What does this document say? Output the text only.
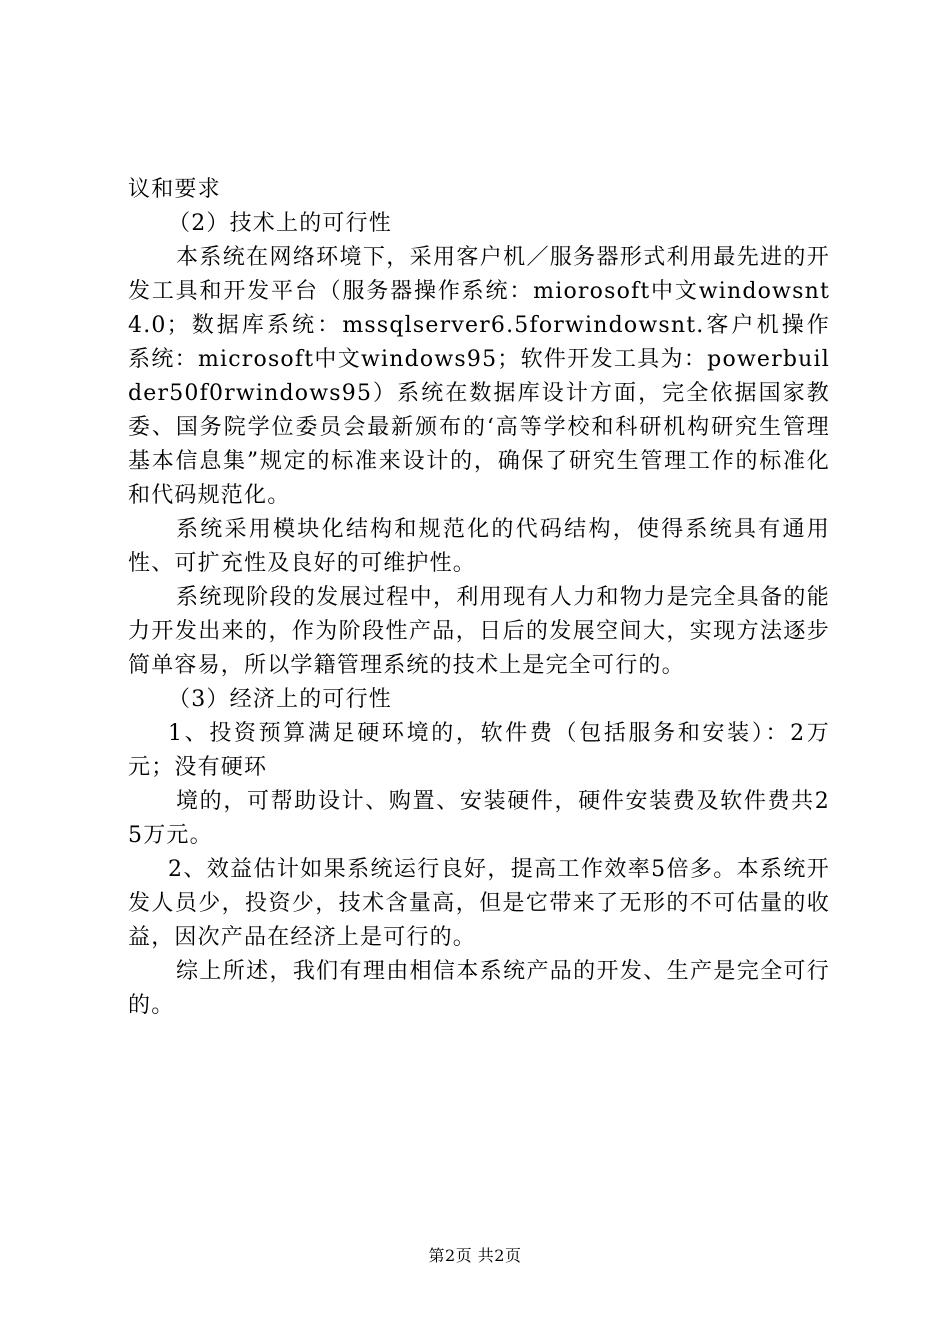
议和要求

（2）技术上的可行性

本系统在网络环境下，采用客户机／服务器形式利用最先进的开发工具和开发平台（服务器操作系统：miorosoft中文windowsnt4.0；数据库系统：mssqlserver6.5forwindowsnt.客户机操作系统：microsoft中文windows95；软件开发工具为：powerbuilder50f0rwindows95）系统在数据库设计方面，完全依据国家教委、国务院学位委员会最新颁布的‘高等学校和科研机构研究生管理基本信息集”规定的标准来设计的，确保了研究生管理工作的标准化和代码规范化。

系统采用模块化结构和规范化的代码结构，使得系统具有通用性、可扩充性及良好的可维护性。

系统现阶段的发展过程中，利用现有人力和物力是完全具备的能力开发出来的，作为阶段性产品，日后的发展空间大，实现方法逐步简单容易，所以学籍管理系统的技术上是完全可行的。

（3）经济上的可行性

1、投资预算满足硬环境的，软件费（包括服务和安装）：2万元；没有硬环

境的，可帮助设计、购置、安装硬件，硬件安装费及软件费共25万元。

2、效益估计如果系统运行良好，提高工作效率5倍多。本系统开发人员少，投资少，技术含量高，但是它带来了无形的不可估量的收益，因次产品在经济上是可行的。

综上所述，我们有理由相信本系统产品的开发、生产是完全可行的。

第2页 共2页
